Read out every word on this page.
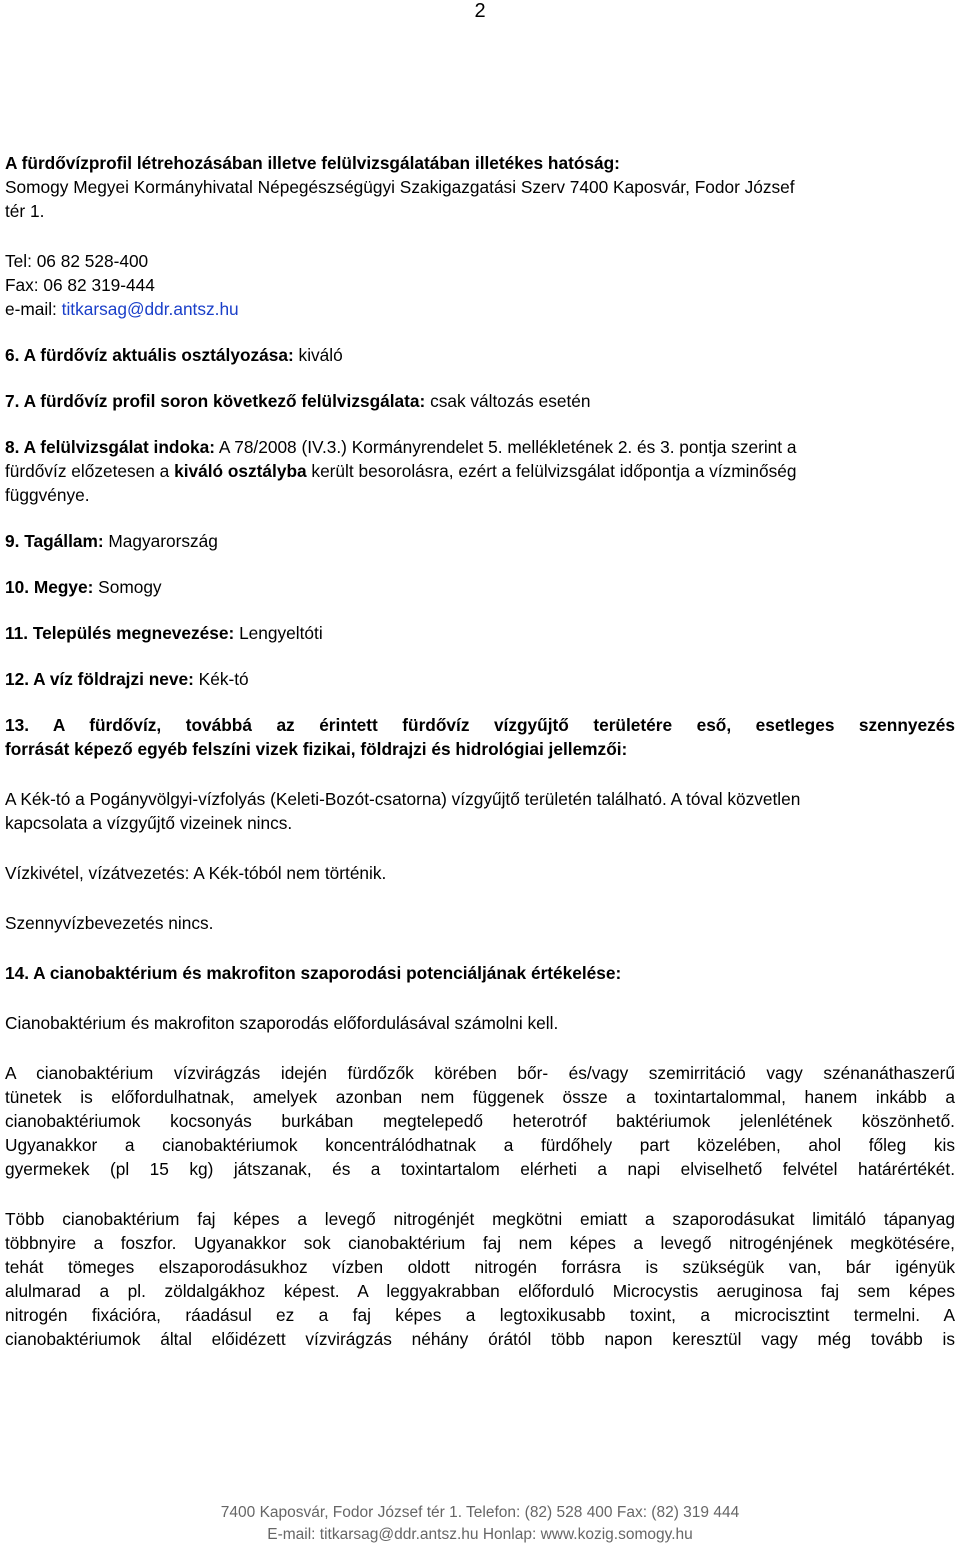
2
A fürdővízprofil létrehozásában illetve felülvizsgálatában illetékes hatóság:
Somogy Megyei Kormányhivatal Népegészségügyi Szakigazgatási Szerv 7400 Kaposvár, Fodor József
tér 1.
Tel: 06 82 528-400
Fax: 06 82 319-444
e-mail: titkarsag@ddr.antsz.hu
6. A fürdővíz aktuális osztályozása: kiváló
7. A fürdővíz profil soron következő felülvizsgálata: csak változás esetén
8. A felülvizsgálat indoka: A 78/2008 (IV.3.) Kormányrendelet 5. mellékletének 2. és 3. pontja szerint a
fürdővíz előzetesen a kiváló osztályba került besorolásra, ezért a felülvizsgálat időpontja a vízminőség
függvénye.
9. Tagállam: Magyarország
10. Megye: Somogy
11. Település megnevezése: Lengyeltóti
12. A víz földrajzi neve: Kék-tó
13. A fürdővíz, továbbá az érintett fürdővíz vízgyűjtő területére eső, esetleges szennyezés
forrását képező egyéb felszíni vizek fizikai, földrajzi és hidrológiai jellemzői:
A Kék-tó a Pogányvölgyi-vízfolyás (Keleti-Bozót-csatorna) vízgyűjtő területén található. A tóval közvetlen
kapcsolata a vízgyűjtő vizeinek nincs.
Vízkivétel, vízátvezetés: A Kék-tóból nem történik.
Szennyvízbevezetés nincs.
14. A cianobaktérium és makrofiton szaporodási potenciáljának értékelése:
Cianobaktérium és makrofiton szaporodás előfordulásával számolni kell.
A cianobaktérium vízvirágzás idején fürdőzők körében bőr- és/vagy szemirritáció vagy szénanáthaszerű
tünetek is előfordulhatnak, amelyek azonban nem függenek össze a toxintartalommal, hanem inkább a
cianobaktériumok kocsonyás burkában megtelepedő heterotróf baktériumok jelenlétének köszönhető.
Ugyanakkor a cianobaktériumok koncentrálódhatnak a fürdőhely part közelében, ahol főleg kis
gyermekek (pl 15 kg) játszanak, és a toxintartalom elérheti a napi elviselhető felvétel határértékét.
Több cianobaktérium faj képes a levegő nitrogénjét megkötni emiatt a szaporodásukat limitáló tápanyag
többnyire a foszfor. Ugyanakkor sok cianobaktérium faj nem képes a levegő nitrogénjének megkötésére,
tehát tömeges elszaporodásukhoz vízben oldott nitrogén forrásra is szükségük van, bár igényük
alulmarad a pl. zöldalgákhoz képest. A leggyakrabban előforduló Microcystis aeruginosa faj sem képes
nitrogén fixációra, ráadásul ez a faj képes a legtoxikusabb toxint, a microcisztint termelni. A
cianobaktériumok által előidézett vízvirágzás néhány órától több napon keresztül vagy még tovább is
7400 Kaposvár, Fodor József tér 1. Telefon: (82) 528 400 Fax: (82) 319 444
E-mail: titkarsag@ddr.antsz.hu Honlap: www.kozig.somogy.hu
